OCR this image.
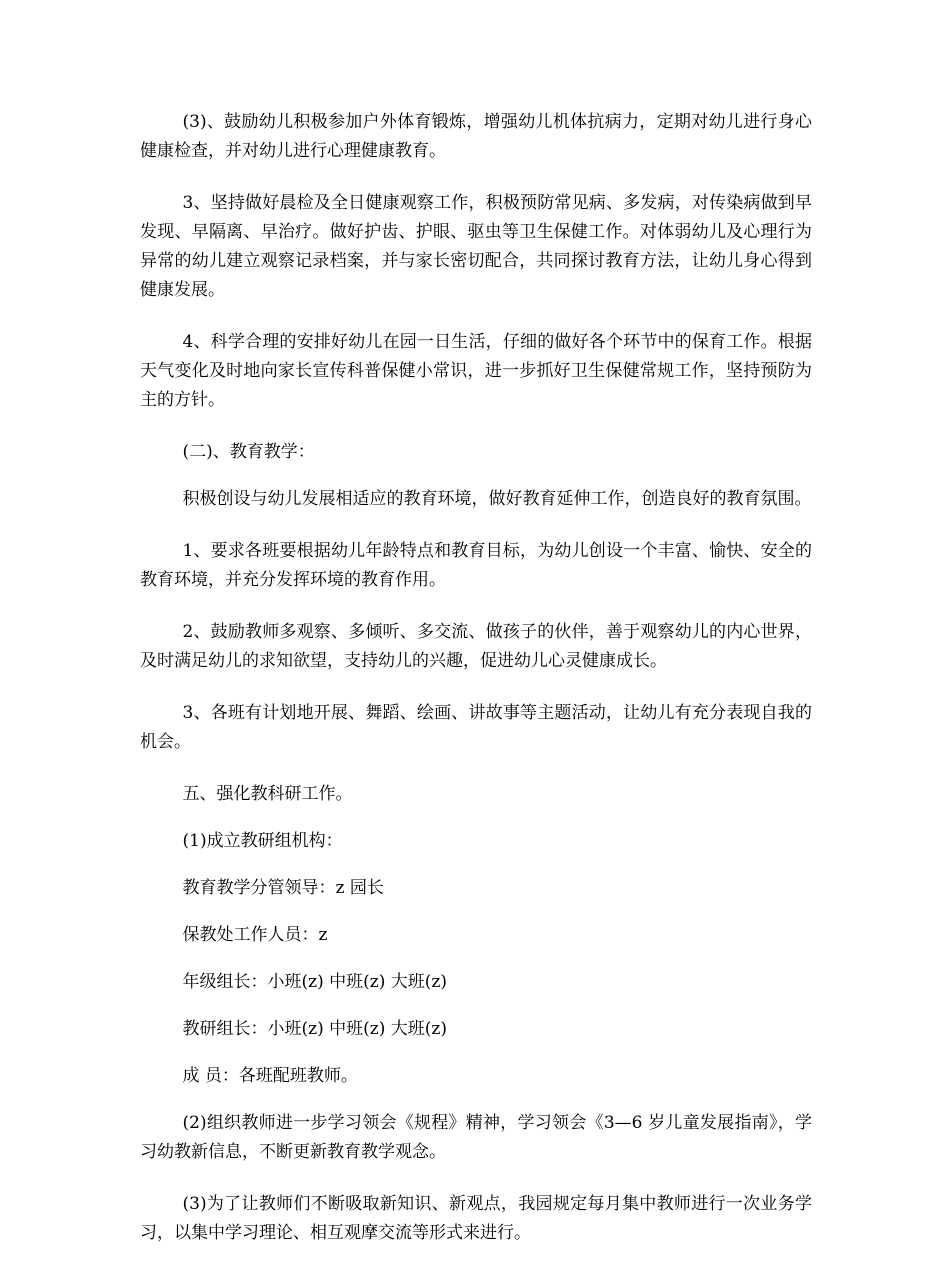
(3)、鼓励幼儿积极参加户外体育锻炼，增强幼儿机体抗病力，定期对幼儿进行身心健康检查，并对幼儿进行心理健康教育。

3、坚持做好晨检及全日健康观察工作，积极预防常见病、多发病，对传染病做到早发现、早隔离、早治疗。做好护齿、护眼、驱虫等卫生保健工作。对体弱幼儿及心理行为异常的幼儿建立观察记录档案，并与家长密切配合，共同探讨教育方法，让幼儿身心得到健康发展。

4、科学合理的安排好幼儿在园一日生活，仔细的做好各个环节中的保育工作。根据天气变化及时地向家长宣传科普保健小常识，进一步抓好卫生保健常规工作，坚持预防为主的方针。

(二)、教育教学：

积极创设与幼儿发展相适应的教育环境，做好教育延伸工作，创造良好的教育氛围。

1、要求各班要根据幼儿年龄特点和教育目标，为幼儿创设一个丰富、愉快、安全的教育环境，并充分发挥环境的教育作用。

2、鼓励教师多观察、多倾听、多交流、做孩子的伙伴，善于观察幼儿的内心世界，及时满足幼儿的求知欲望，支持幼儿的兴趣，促进幼儿心灵健康成长。

3、各班有计划地开展、舞蹈、绘画、讲故事等主题活动，让幼儿有充分表现自我的机会。

五、强化教科研工作。

(1)成立教研组机构：

教育教学分管领导：z 园长

保教处工作人员：z

年级组长：小班(z) 中班(z) 大班(z)

教研组长：小班(z) 中班(z) 大班(z)

成 员：各班配班教师。

(2)组织教师进一步学习领会《规程》精神，学习领会《3—6 岁儿童发展指南》，学习幼教新信息，不断更新教育教学观念。

(3)为了让教师们不断吸取新知识、新观点，我园规定每月集中教师进行一次业务学习，以集中学习理论、相互观摩交流等形式来进行。
